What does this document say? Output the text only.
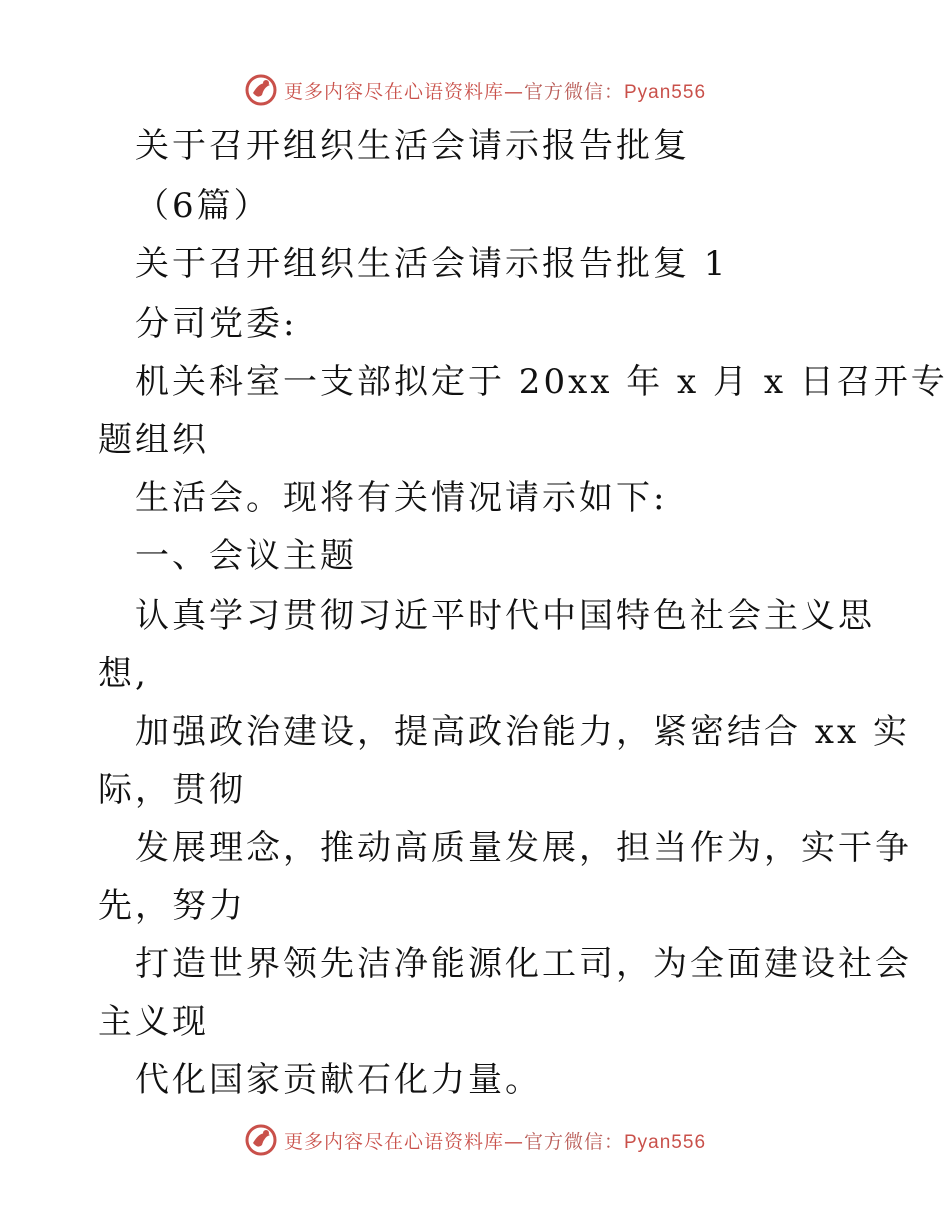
更多内容尽在心语资料库—官方微信：Pyan556
关于召开组织生活会请示报告批复
（6篇）
关于召开组织生活会请示报告批复 1
分司党委:
机关科室一支部拟定于 20xx 年 x 月 x 日召开专
题组织
生活会。现将有关情况请示如下:
一、会议主题
认真学习贯彻习近平时代中国特色社会主义思
想,
加强政治建设，提高政治能力，紧密结合 xx 实
际，贯彻
发展理念，推动高质量发展，担当作为，实干争
先，努力
打造世界领先洁净能源化工司，为全面建设社会
主义现
代化国家贡献石化力量。
更多内容尽在心语资料库—官方微信：Pyan556
